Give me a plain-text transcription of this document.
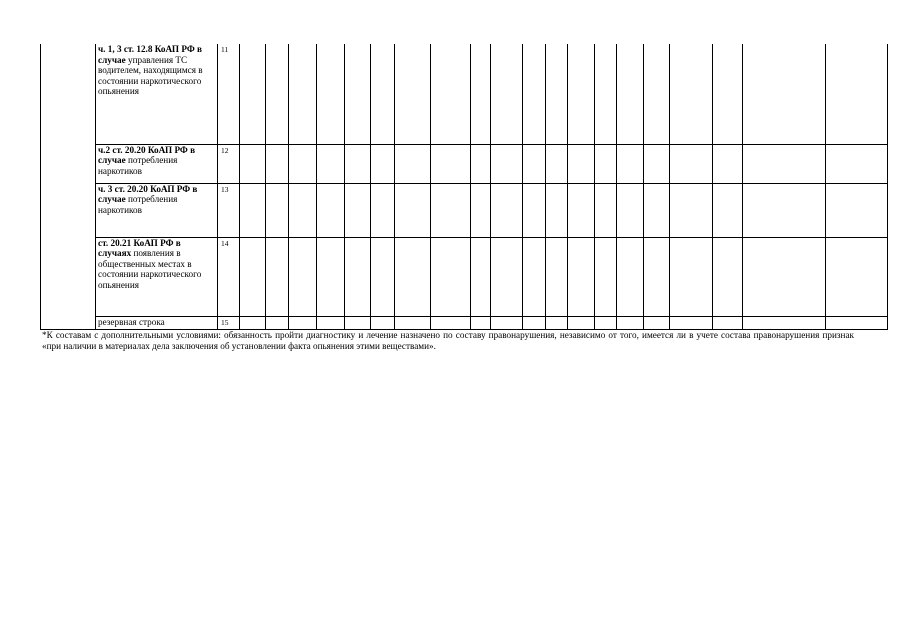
	ч. 1, 3 ст. 12.8 КоАП РФ в случае управления ТС водителем, находящимся в состоянии наркотического опьянения	11																				
	ч.2 ст. 20.20 КоАП РФ в случае потребления наркотиков	12																				
	ч. 3 ст. 20.20 КоАП РФ в случае потребления наркотиков	13																				
	ст. 20.21 КоАП РФ в случаях появления в общественных местах в состоянии наркотического опьянения	14																				
	резервная строка	15																				
*К составам с дополнительными условиями: обязанность пройти диагностику и лечение назначено по составу правонарушения, независимо от того, имеется ли в учете состава правонарушения признак «при наличии в материалах дела заключения об установлении факта опьянения этими веществами».
